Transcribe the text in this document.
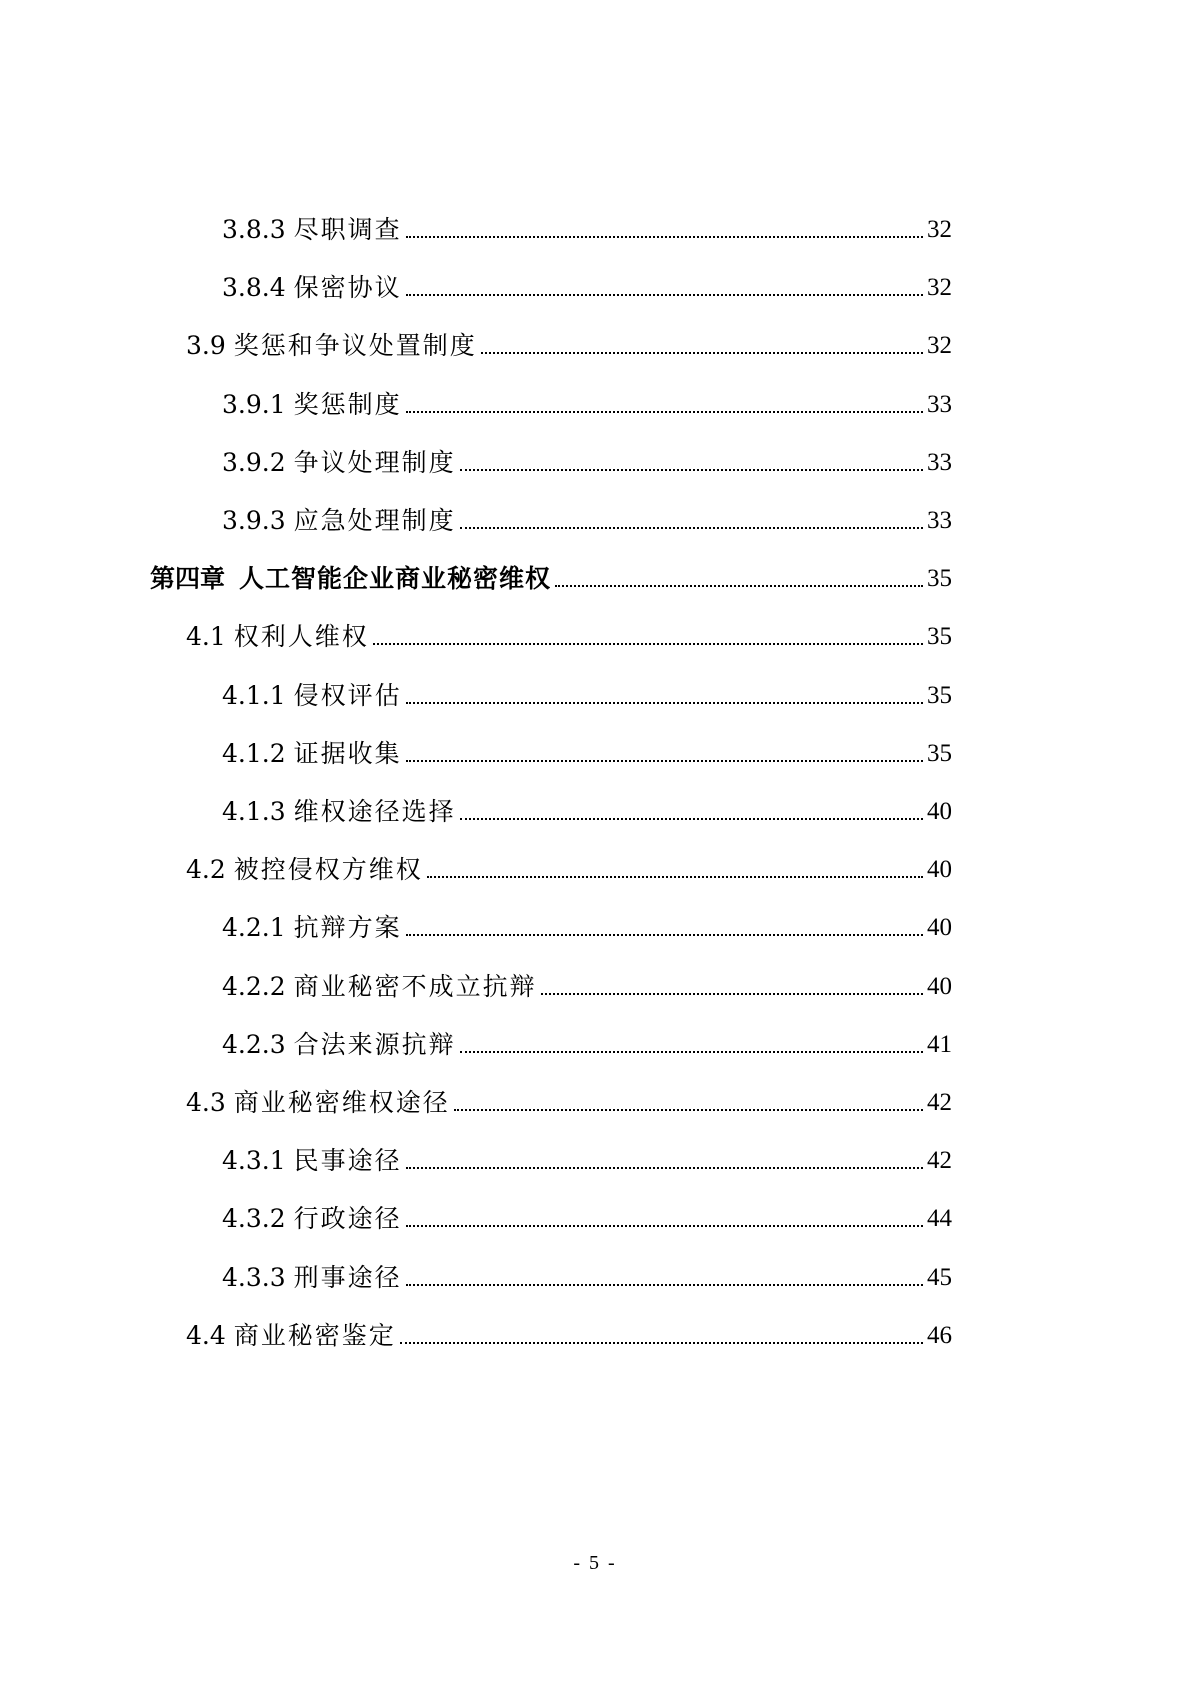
3.8.3 尽职调查	32
3.8.4 保密协议	32
3.9 奖惩和争议处置制度	32
3.9.1 奖惩制度	33
3.9.2 争议处理制度	33
3.9.3 应急处理制度	33
第四章 人工智能企业商业秘密维权	35
4.1 权利人维权	35
4.1.1 侵权评估	35
4.1.2 证据收集	35
4.1.3 维权途径选择	40
4.2 被控侵权方维权	40
4.2.1 抗辩方案	40
4.2.2 商业秘密不成立抗辩	40
4.2.3 合法来源抗辩	41
4.3 商业秘密维权途径	42
4.3.1 民事途径	42
4.3.2 行政途径	44
4.3.3 刑事途径	45
4.4 商业秘密鉴定	46
- 5 -
